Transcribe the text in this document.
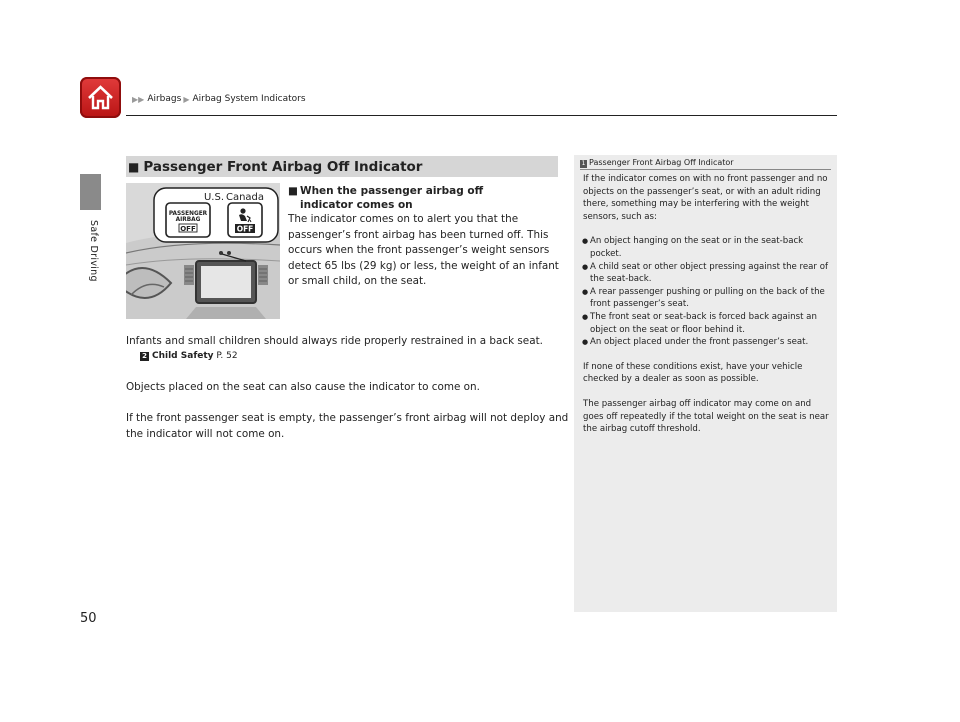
▶▶ Airbags ▶ Airbag System Indicators
Safe Driving
■ Passenger Front Airbag Off Indicator
U.S. Canada
PASSENGER
AIRBAG
OFF	OFF
■ When the passenger airbag off indicator comes on

The indicator comes on to alert you that the passenger’s front airbag has been turned off. This occurs when the front passenger’s weight sensors detect 65 lbs (29 kg) or less, the weight of an infant or small child, on the seat.

Infants and small children should always ride properly restrained in a back seat.

2 Child Safety P. 52

Objects placed on the seat can also cause the indicator to come on.

If the front passenger seat is empty, the passenger’s front airbag will not deploy and the indicator will not come on.

1 Passenger Front Airbag Off Indicator

If the indicator comes on with no front passenger and no objects on the passenger’s seat, or with an adult riding there, something may be interfering with the weight sensors, such as:

● An object hanging on the seat or in the seat-back pocket.
● A child seat or other object pressing against the rear of the seat-back.
● A rear passenger pushing or pulling on the back of the front passenger’s seat.
● The front seat or seat-back is forced back against an object on the seat or floor behind it.
● An object placed under the front passenger’s seat.

If none of these conditions exist, have your vehicle checked by a dealer as soon as possible.

The passenger airbag off indicator may come on and goes off repeatedly if the total weight on the seat is near the airbag cutoff threshold.

50
